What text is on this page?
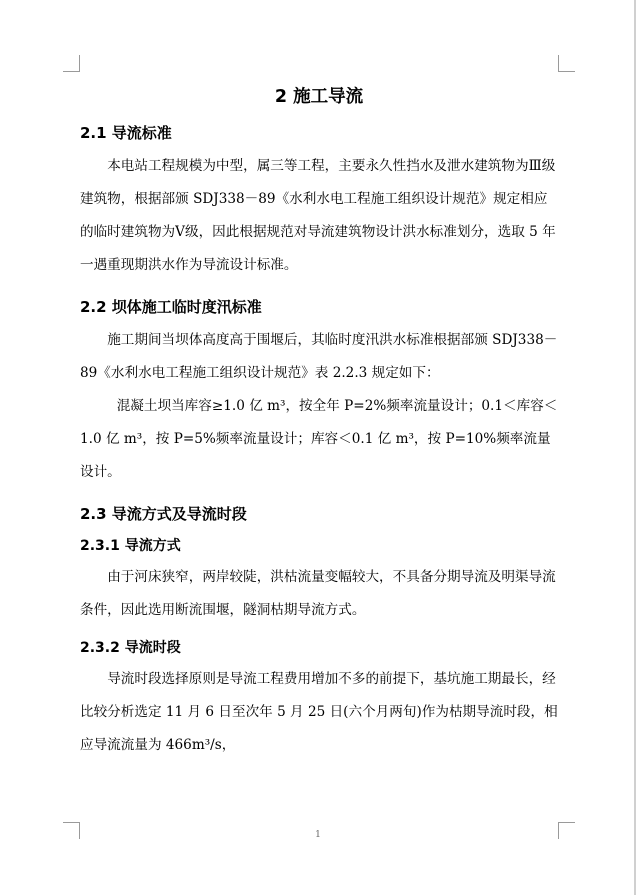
2 施工导流
2.1 导流标准

本电站工程规模为中型，属三等工程，主要永久性挡水及泄水建筑物为Ⅲ级建筑物，根据部颁 SDJ338－89《水利水电工程施工组织设计规范》规定相应的临时建筑物为Ⅴ级，因此根据规范对导流建筑物设计洪水标准划分，选取 5 年一遇重现期洪水作为导流设计标准。

2.2 坝体施工临时度汛标准

施工期间当坝体高度高于围堰后，其临时度汛洪水标准根据部颁 SDJ338－89《水利水电工程施工组织设计规范》表 2.2.3 规定如下：

混凝土坝当库容≥1.0 亿 m³，按全年 P=2%频率流量设计；0.1＜库容＜1.0 亿 m³，按 P=5%频率流量设计；库容＜0.1 亿 m³，按 P=10%频率流量设计。

2.3 导流方式及导流时段
2.3.1 导流方式

由于河床狭窄，两岸较陡，洪枯流量变幅较大，不具备分期导流及明渠导流条件，因此选用断流围堰，隧洞枯期导流方式。

2.3.2 导流时段

导流时段选择原则是导流工程费用增加不多的前提下，基坑施工期最长，经比较分析选定 11 月 6 日至次年 5 月 25 日(六个月两旬)作为枯期导流时段，相应导流流量为 466m³/s，

1
